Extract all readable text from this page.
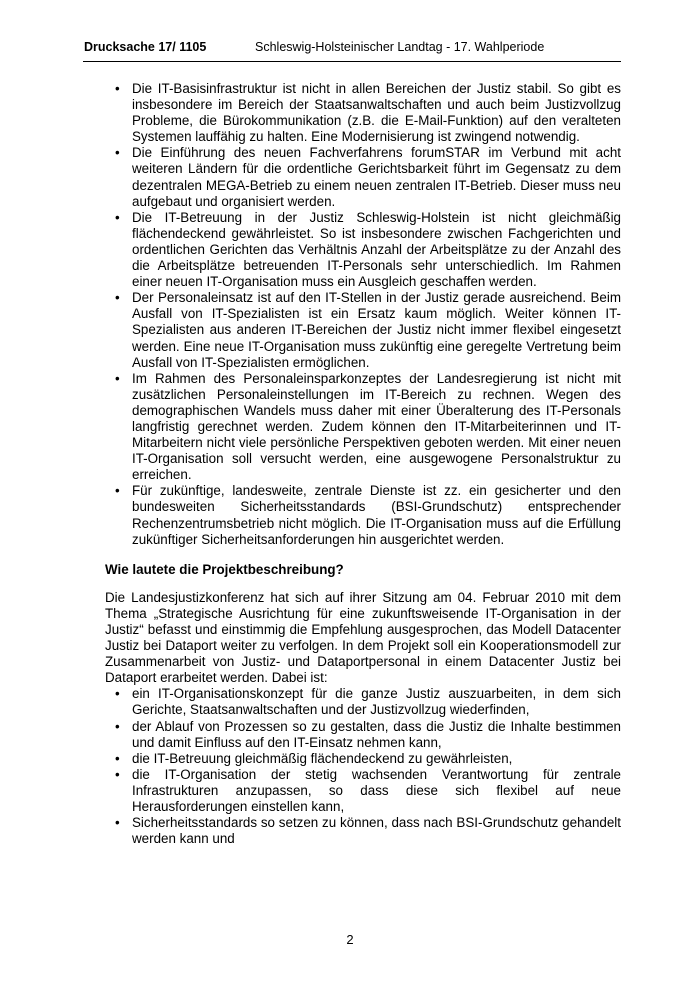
Drucksache 17/ 1105	Schleswig-Holsteinischer Landtag - 17. Wahlperiode
• Die IT-Basisinfrastruktur ist nicht in allen Bereichen der Justiz stabil. So gibt es insbesondere im Bereich der Staatsanwaltschaften und auch beim Justizvollzug Probleme, die Bürokommunikation (z.B. die E-Mail-Funktion) auf den veralteten Systemen lauffähig zu halten. Eine Modernisierung ist zwingend notwendig.
• Die Einführung des neuen Fachverfahrens forumSTAR im Verbund mit acht weiteren Ländern für die ordentliche Gerichtsbarkeit führt im Gegensatz zu dem dezentralen MEGA-Betrieb zu einem neuen zentralen IT-Betrieb. Dieser muss neu aufgebaut und organisiert werden.
• Die IT-Betreuung in der Justiz Schleswig-Holstein ist nicht gleichmäßig flächendeckend gewährleistet. So ist insbesondere zwischen Fachgerichten und ordentlichen Gerichten das Verhältnis Anzahl der Arbeitsplätze zu der Anzahl des die Arbeitsplätze betreuenden IT-Personals sehr unterschiedlich. Im Rahmen einer neuen IT-Organisation muss ein Ausgleich geschaffen werden.
• Der Personaleinsatz ist auf den IT-Stellen in der Justiz gerade ausreichend. Beim Ausfall von IT-Spezialisten ist ein Ersatz kaum möglich. Weiter können IT-Spezialisten aus anderen IT-Bereichen der Justiz nicht immer flexibel eingesetzt werden. Eine neue IT-Organisation muss zukünftig eine geregelte Vertretung beim Ausfall von IT-Spezialisten ermöglichen.
• Im Rahmen des Personaleinsparkonzeptes der Landesregierung ist nicht mit zusätzlichen Personaleinstellungen im IT-Bereich zu rechnen. Wegen des demographischen Wandels muss daher mit einer Überalterung des IT-Personals langfristig gerechnet werden. Zudem können den IT-Mitarbeiterinnen und IT-Mitarbeitern nicht viele persönliche Perspektiven geboten werden. Mit einer neuen IT-Organisation soll versucht werden, eine ausgewogene Personalstruktur zu erreichen.
• Für zukünftige, landesweite, zentrale Dienste ist zz. ein gesicherter und den bundesweiten Sicherheitsstandards (BSI-Grundschutz) entsprechender Rechenzentrumsbetrieb nicht möglich. Die IT-Organisation muss auf die Erfüllung zukünftiger Sicherheitsanforderungen hin ausgerichtet werden.
Wie lautete die Projektbeschreibung?
Die Landesjustizkonferenz hat sich auf ihrer Sitzung am 04. Februar 2010 mit dem Thema „Strategische Ausrichtung für eine zukunftsweisende IT-Organisation in der Justiz“ befasst und einstimmig die Empfehlung ausgesprochen, das Modell Datacenter Justiz bei Dataport weiter zu verfolgen. In dem Projekt soll ein Kooperationsmodell zur Zusammenarbeit von Justiz- und Dataportpersonal in einem Datacenter Justiz bei Dataport erarbeitet werden. Dabei ist:
• ein IT-Organisationskonzept für die ganze Justiz auszuarbeiten, in dem sich Gerichte, Staatsanwaltschaften und der Justizvollzug wiederfinden,
• der Ablauf von Prozessen so zu gestalten, dass die Justiz die Inhalte bestimmen und damit Einfluss auf den IT-Einsatz nehmen kann,
• die IT-Betreuung gleichmäßig flächendeckend zu gewährleisten,
• die IT-Organisation der stetig wachsenden Verantwortung für zentrale Infrastrukturen anzupassen, so dass diese sich flexibel auf neue Herausforderungen einstellen kann,
• Sicherheitsstandards so setzen zu können, dass nach BSI-Grundschutz gehandelt werden kann und
2
